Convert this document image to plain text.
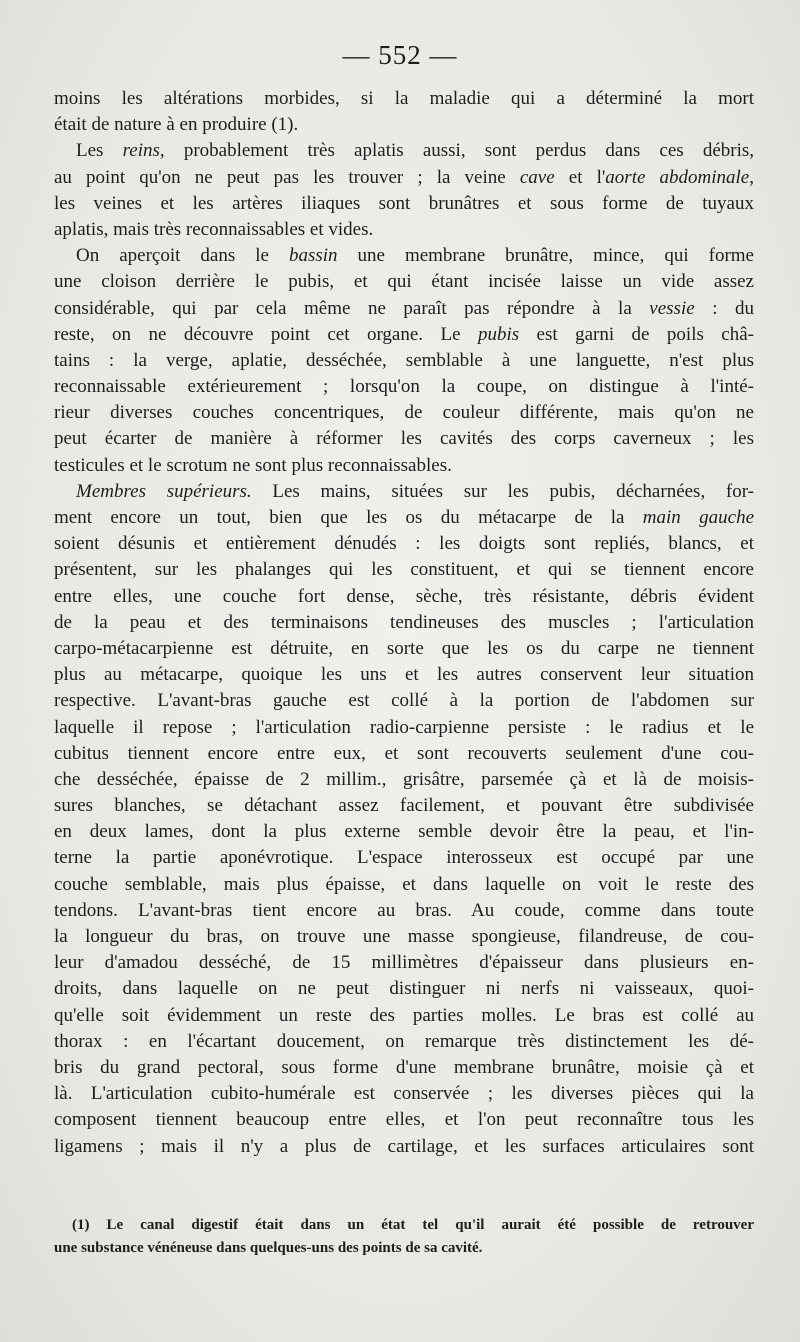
— 552 —
moins les altérations morbides, si la maladie qui a déterminé la mort
était de nature à en produire (1).
Les reins, probablement très aplatis aussi, sont perdus dans ces débris,
au point qu'on ne peut pas les trouver ; la veine cave et l'aorte abdominale,
les veines et les artères iliaques sont brunâtres et sous forme de tuyaux
aplatis, mais très reconnaissables et vides.
On aperçoit dans le bassin une membrane brunâtre, mince, qui forme
une cloison derrière le pubis, et qui étant incisée laisse un vide assez
considérable, qui par cela même ne paraît pas répondre à la vessie : du
reste, on ne découvre point cet organe. Le pubis est garni de poils châ-
tains : la verge, aplatie, desséchée, semblable à une languette, n'est plus
reconnaissable extérieurement ; lorsqu'on la coupe, on distingue à l'inté-
rieur diverses couches concentriques, de couleur différente, mais qu'on ne
peut écarter de manière à réformer les cavités des corps caverneux ; les
testicules et le scrotum ne sont plus reconnaissables.
Membres supérieurs. Les mains, situées sur les pubis, décharnées, for-
ment encore un tout, bien que les os du métacarpe de la main gauche
soient désunis et entièrement dénudés : les doigts sont repliés, blancs, et
présentent, sur les phalanges qui les constituent, et qui se tiennent encore
entre elles, une couche fort dense, sèche, très résistante, débris évident
de la peau et des terminaisons tendineuses des muscles ; l'articulation
carpo-métacarpienne est détruite, en sorte que les os du carpe ne tiennent
plus au métacarpe, quoique les uns et les autres conservent leur situation
respective. L'avant-bras gauche est collé à la portion de l'abdomen sur
laquelle il repose ; l'articulation radio-carpienne persiste : le radius et le
cubitus tiennent encore entre eux, et sont recouverts seulement d'une cou-
che desséchée, épaisse de 2 millim., grisâtre, parsemée çà et là de moisis-
sures blanches, se détachant assez facilement, et pouvant être subdivisée
en deux lames, dont la plus externe semble devoir être la peau, et l'in-
terne la partie aponévrotique. L'espace interosseux est occupé par une
couche semblable, mais plus épaisse, et dans laquelle on voit le reste des
tendons. L'avant-bras tient encore au bras. Au coude, comme dans toute
la longueur du bras, on trouve une masse spongieuse, filandreuse, de cou-
leur d'amadou desséché, de 15 millimètres d'épaisseur dans plusieurs en-
droits, dans laquelle on ne peut distinguer ni nerfs ni vaisseaux, quoi-
qu'elle soit évidemment un reste des parties molles. Le bras est collé au
thorax : en l'écartant doucement, on remarque très distinctement les dé-
bris du grand pectoral, sous forme d'une membrane brunâtre, moisie çà et
là. L'articulation cubito-humérale est conservée ; les diverses pièces qui la
composent tiennent beaucoup entre elles, et l'on peut reconnaître tous les
ligamens ; mais il n'y a plus de cartilage, et les surfaces articulaires sont
(1) Le canal digestif était dans un état tel qu'il aurait été possible de retrouver
une substance vénéneuse dans quelques-uns des points de sa cavité.
